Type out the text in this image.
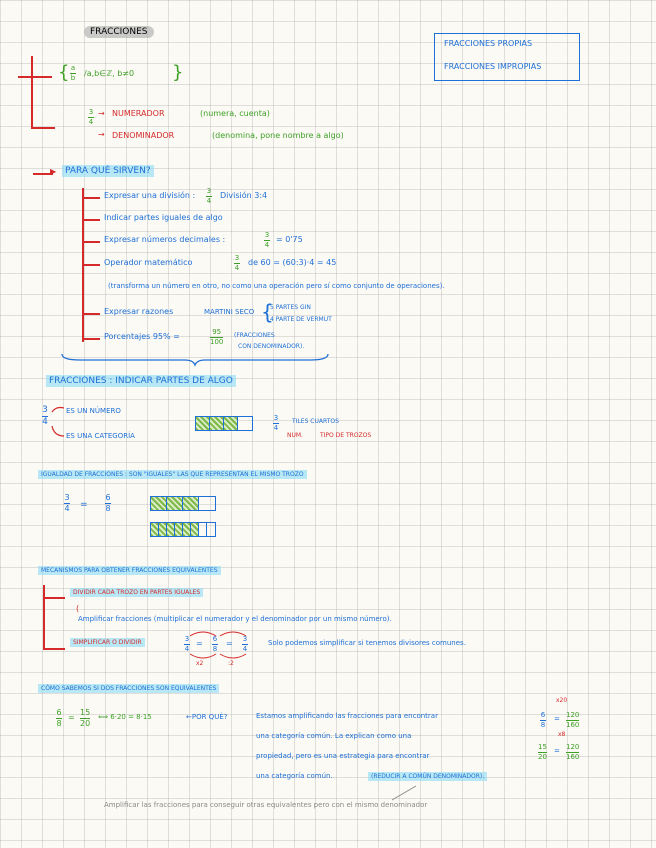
FRACCIONES
FRACCIONES PROPIAS
FRACCIONES IMPROPIAS
{ a
b /a,b∈ℤ, b≠0 }
3
4
→
→
NUMERADOR	(numera, cuenta)
DENOMINADOR	(denomina, pone nombre a algo)
▶ PARA QUÉ SIRVEN?
Expresar una división : 3
4
División 3:4
Indicar partes iguales de algo
Expresar números decimales :	3
4
= 0'75
Operador matemático	3
4
de 60 = (60:3)·4 = 45
(transforma un número en otro, no como una operación pero sí como conjunto de operaciones).
Expresar razones	MARTINI SECO {
5 PARTES GIN
4 PARTE DE VERMUT
Porcentajes 95% =	95
100
(FRACCIONES
CON DENOMINADOR).
FRACCIONES : INDICAR PARTES DE ALGO
3
4
ES UN NÚMERO
ES UNA CATEGORÍA
3
4
TILES CUARTOS
NUM.	TIPO DE TROZOS
IGUALDAD DE FRACCIONES : SON "IGUALES" LAS QUE REPRESENTAN EL MISMO TROZO
3
4 =
6
8
MECANISMOS PARA OBTENER FRACCIONES EQUIVALENTES
DIVIDIR CADA TROZO EN PARTES IGUALES
(
Amplificar fracciones (multiplicar el numerador y el denominador por un mismo número).
SIMPLIFICAR O DIVIDIR	3
4
= 6
8
= 3
4
x2	:2
Solo podemos simplificar si tenemos divisores comunes.
CÓMO SABEMOS SI DOS FRACCIONES SON EQUIVALENTES
6
8
=
15
20
⟺ 6·20 = 8·15	←POR QUÉ?	Estamos amplificando las fracciones para encontrar
una categoría común. La explican como una
propiedad, pero es una estrategia para encontrar
una categoría común.	(REDUCIR A COMÚN DENOMINADOR).
x20
6
8
= 120
160
x8
15
20
= 120
160
Amplificar las fracciones para conseguir otras equivalentes pero con el mismo denominador
